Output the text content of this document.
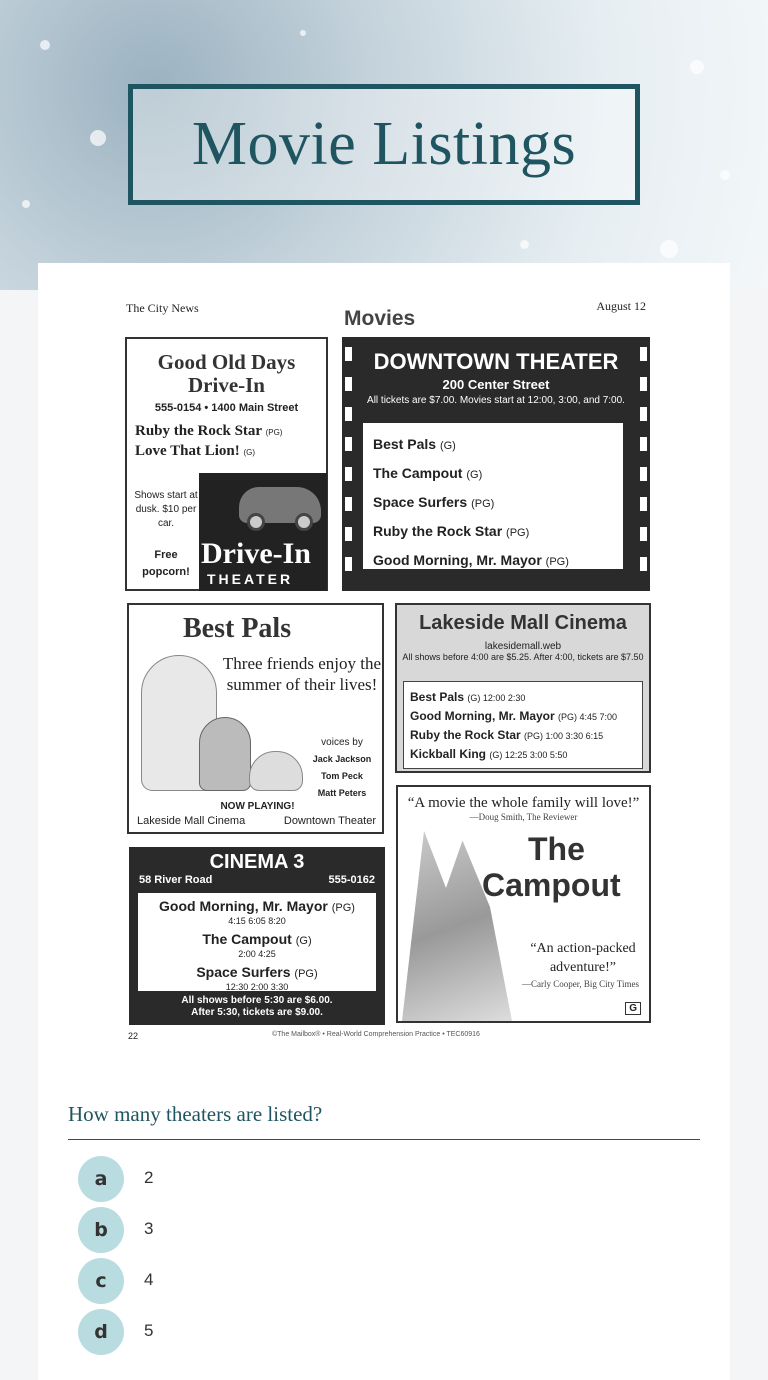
Movie Listings
The City News	Movies
August 12
Good Old Days Drive-In
555-0154 • 1400 Main Street
Ruby the Rock Star (PG)
Love That Lion! (G)
Shows start at dusk. $10 per car.
Free popcorn!
Drive-In
THEATER
DOWNTOWN THEATER
200 Center Street
All tickets are $7.00. Movies start at 12:00, 3:00, and 7:00.
Best Pals (G)
The Campout (G)
Space Surfers (PG)
Ruby the Rock Star (PG)
Good Morning, Mr. Mayor (PG)
Best Pals
Three friends enjoy the summer of their lives!
voices by
Jack Jackson
Tom Peck
Matt Peters
NOW PLAYING!
Lakeside Mall Cinema	Downtown Theater
Lakeside Mall Cinema
lakesidemall.web
All shows before 4:00 are $5.25. After 4:00, tickets are $7.50
Best Pals (G) 12:00 2:30
Good Morning, Mr. Mayor (PG) 4:45 7:00
Ruby the Rock Star (PG) 1:00 3:30 6:15
Kickball King (G) 12:25 3:00 5:50
CINEMA 3
58 River Road	555-0162
Good Morning, Mr. Mayor (PG)
4:15 6:05 8:20
The Campout (G)
2:00 4:25
Space Surfers (PG)
12:30 2:00 3:30
All shows before 5:30 are $6.00.
After 5:30, tickets are $9.00.
“A movie the whole family will love!”
—Doug Smith, The Reviewer
The
Campout
“An action-packed adventure!”
—Carly Cooper, Big City Times
G
22	©The Mailbox® • Real-World Comprehension Practice • TEC60916
How many theaters are listed?
a	2
b	3
c	4
d	5
